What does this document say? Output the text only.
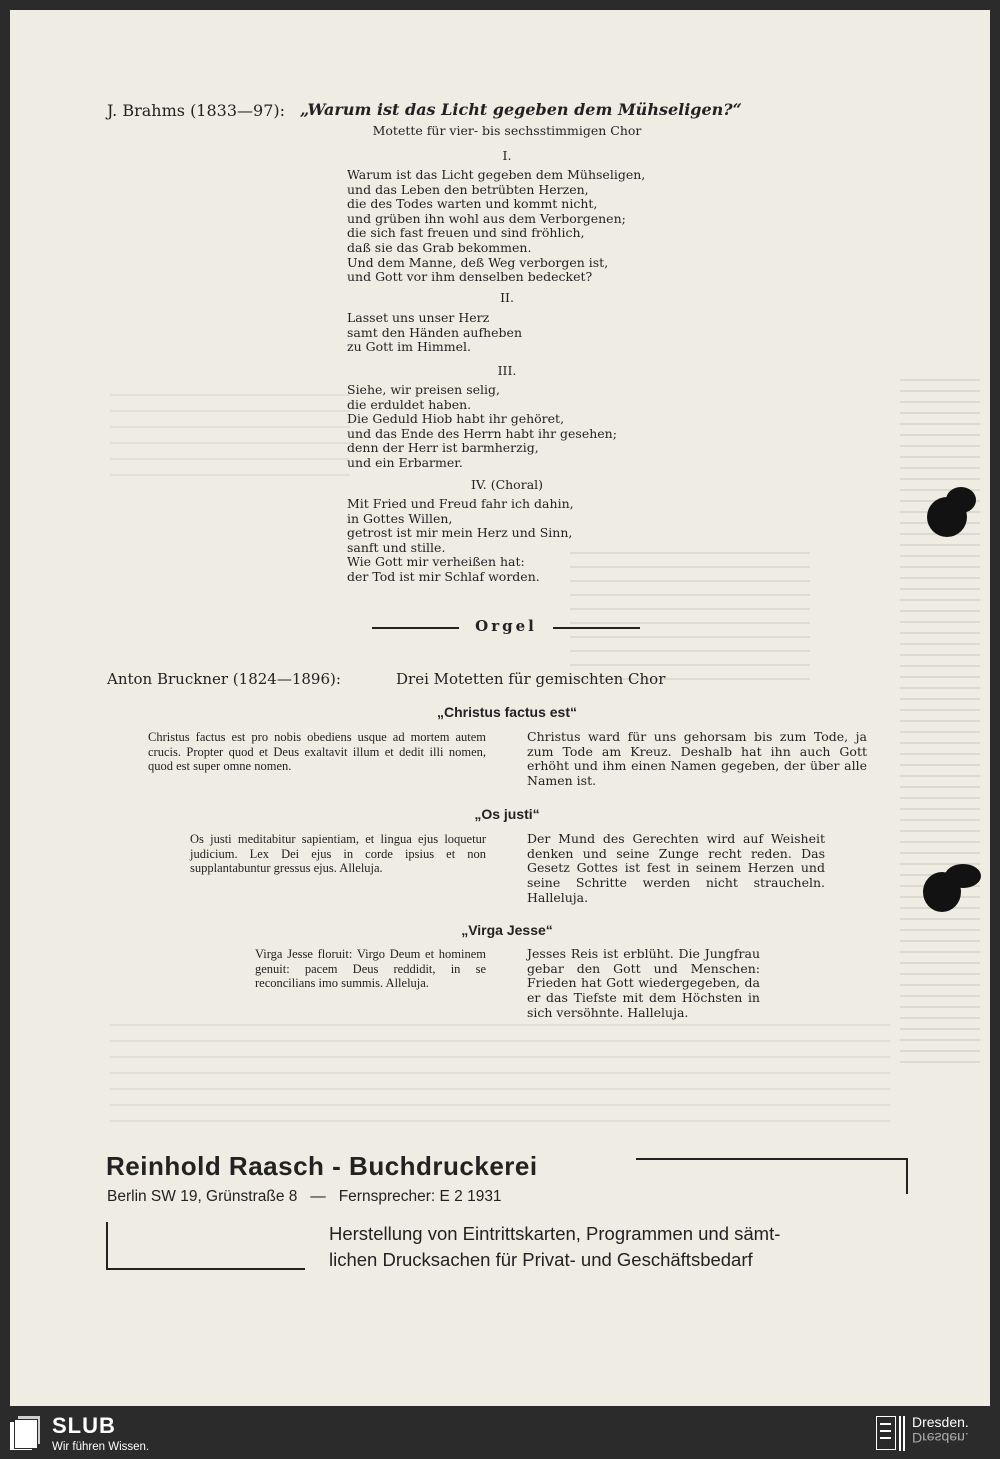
J. Brahms (1833—97): „Warum ist das Licht gegeben dem Mühseligen?“
Motette für vier- bis sechsstimmigen Chor
I.
Warum ist das Licht gegeben dem Mühseligen,
und das Leben den betrübten Herzen,
die des Todes warten und kommt nicht,
und grüben ihn wohl aus dem Verborgenen;
die sich fast freuen und sind fröhlich,
daß sie das Grab bekommen.
Und dem Manne, deß Weg verborgen ist,
und Gott vor ihm denselben bedecket?
II.
Lasset uns unser Herz
samt den Händen aufheben
zu Gott im Himmel.
III.
Siehe, wir preisen selig,
die erduldet haben.
Die Geduld Hiob habt ihr gehöret,
und das Ende des Herrn habt ihr gesehen;
denn der Herr ist barmherzig,
und ein Erbarmer.
IV. (Choral)
Mit Fried und Freud fahr ich dahin,
in Gottes Willen,
getrost ist mir mein Herz und Sinn,
sanft und stille.
Wie Gott mir verheißen hat:
der Tod ist mir Schlaf worden.
Orgel
Anton Bruckner (1824—1896):	Drei Motetten für gemischten Chor
„Christus factus est“
Christus factus est pro nobis obediens usque ad mortem autem crucis. Propter quod et Deus exaltavit illum et dedit illi nomen, quod est super omne nomen.
Christus ward für uns gehorsam bis zum Tode, ja zum Tode am Kreuz. Deshalb hat ihn auch Gott erhöht und ihm einen Namen gegeben, der über alle Namen ist.
„Os justi“
Os justi meditabitur sapientiam, et lingua ejus loquetur judicium. Lex Dei ejus in corde ipsius et non supplantabuntur gressus ejus. Alleluja.
Der Mund des Gerechten wird auf Weisheit denken und seine Zunge recht reden. Das Gesetz Gottes ist fest in seinem Herzen und seine Schritte werden nicht straucheln. Halleluja.
„Virga Jesse“
Virga Jesse floruit: Virgo Deum et hominem genuit: pacem Deus reddidit, in se reconcilians imo summis. Alleluja.
Jesses Reis ist erblüht. Die Jungfrau gebar den Gott und Menschen: Frieden hat Gott wiedergegeben, da er das Tiefste mit dem Höchsten in sich versöhnte. Halleluja.
Reinhold Raasch - Buchdruckerei
Berlin SW 19, Grünstraße 8   —   Fernsprecher: E 2 1931
Herstellung von Eintrittskarten, Programmen und sämt-
lichen Drucksachen für Privat- und Geschäftsbedarf
SLUB
Wir führen Wissen.
Dresden.
Dresden.
